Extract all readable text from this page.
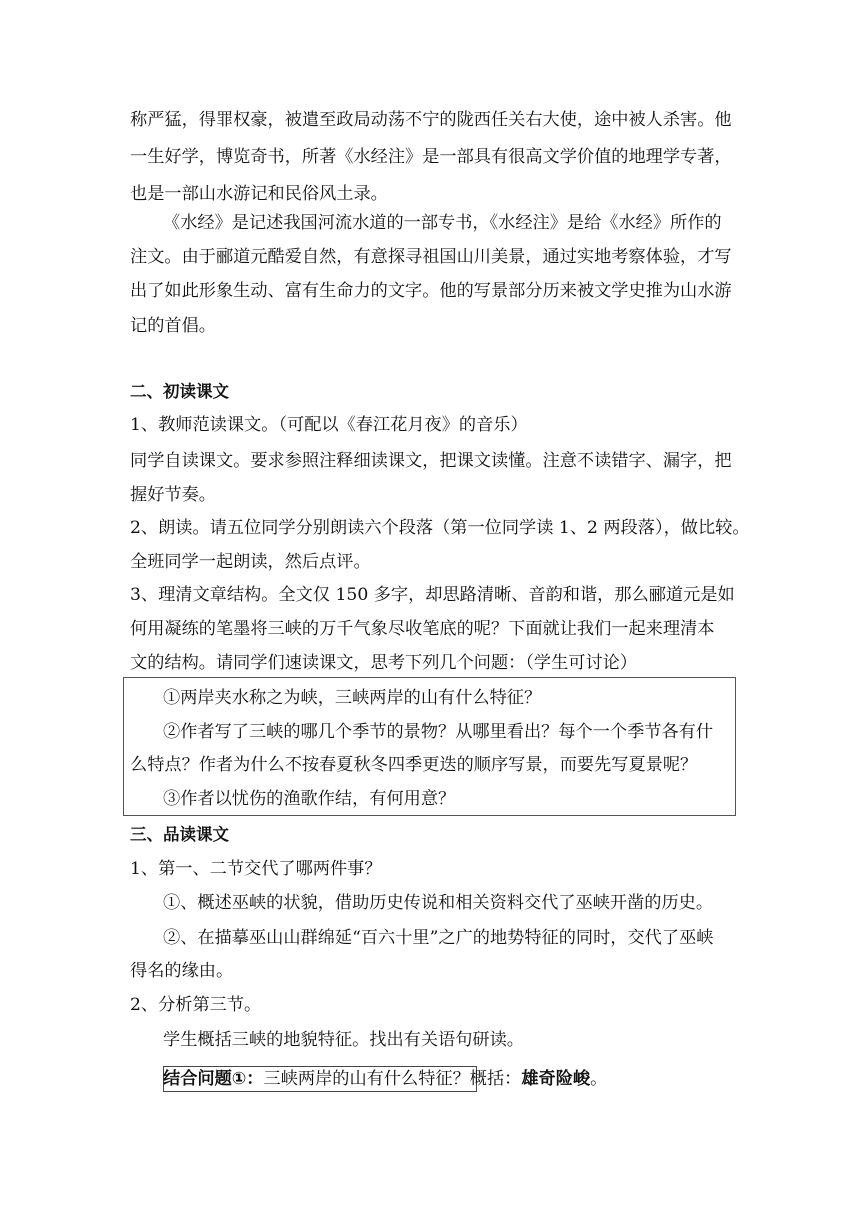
称严猛，得罪权豪，被遣至政局动荡不宁的陇西任关右大使，途中被人杀害。他
一生好学，博览奇书，所著《水经注》是一部具有很高文学价值的地理学专著，
也是一部山水游记和民俗风土录。
《水经》是记述我国河流水道的一部专书，《水经注》是给《水经》所作的
注文。由于郦道元酷爱自然，有意探寻祖国山川美景，通过实地考察体验，才写
出了如此形象生动、富有生命力的文字。他的写景部分历来被文学史推为山水游
记的首倡。
二、初读课文
1、教师范读课文。（可配以《春江花月夜》的音乐）
同学自读课文。要求参照注释细读课文，把课文读懂。注意不读错字、漏字，把
握好节奏。
2、朗读。请五位同学分别朗读六个段落（第一位同学读 1、2 两段落），做比较。
全班同学一起朗读，然后点评。
3、理清文章结构。全文仅 150 多字，却思路清晰、音韵和谐，那么郦道元是如
何用凝练的笔墨将三峡的万千气象尽收笔底的呢？下面就让我们一起来理清本
文的结构。请同学们速读课文，思考下列几个问题：（学生可讨论）
①两岸夹水称之为峡，三峡两岸的山有什么特征？
②作者写了三峡的哪几个季节的景物？从哪里看出？每个一个季节各有什
么特点？作者为什么不按春夏秋冬四季更迭的顺序写景，而要先写夏景呢？
③作者以忧伤的渔歌作结，有何用意？
三、品读课文
1、第一、二节交代了哪两件事？
①、概述巫峡的状貌，借助历史传说和相关资料交代了巫峡开凿的历史。
②、在描摹巫山山群绵延“百六十里”之广的地势特征的同时，交代了巫峡
得名的缘由。
2、分析第三节。
学生概括三峡的地貌特征。找出有关语句研读。
结合问题①：三峡两岸的山有什么特征？概括：雄奇险峻。
